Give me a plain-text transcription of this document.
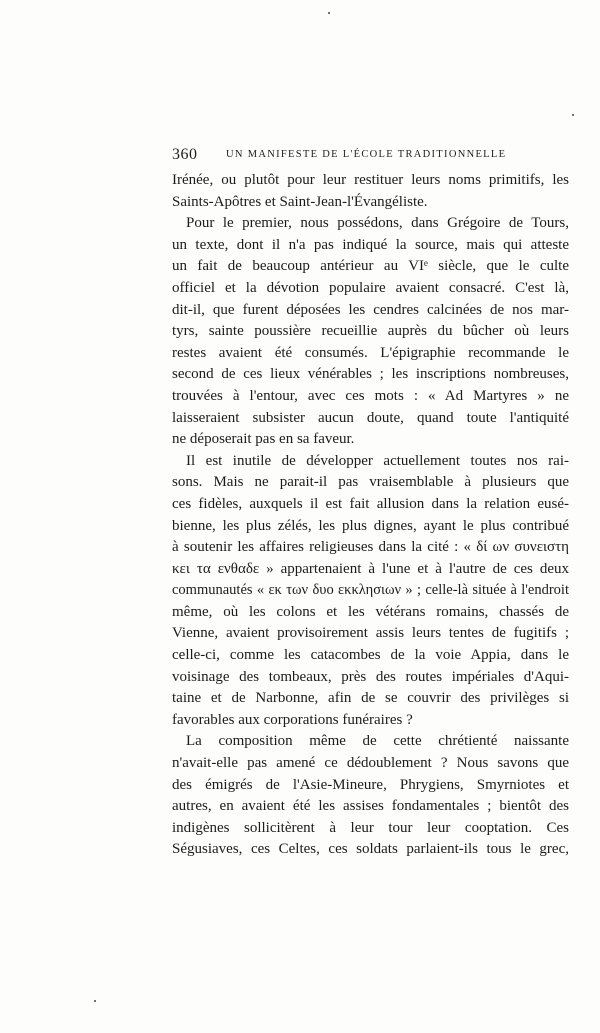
360	UN MANIFESTE DE L'ÉCOLE TRADITIONNELLE
Irénée, ou plutôt pour leur restituer leurs noms primitifs, les
Saints-Apôtres et Saint-Jean-l'Évangéliste.
Pour le premier, nous possédons, dans Grégoire de Tours,
un texte, dont il n'a pas indiqué la source, mais qui atteste
un fait de beaucoup antérieur au VIᵉ siècle, que le culte
officiel et la dévotion populaire avaient consacré. C'est là,
dit-il, que furent déposées les cendres calcinées de nos mar-
tyrs, sainte poussière recueillie auprès du bûcher où leurs
restes avaient été consumés. L'épigraphie recommande le
second de ces lieux vénérables ; les inscriptions nombreuses,
trouvées à l'entour, avec ces mots : « Ad Martyres » ne
laisseraient subsister aucun doute, quand toute l'antiquité
ne déposerait pas en sa faveur.
Il est inutile de développer actuellement toutes nos rai-
sons. Mais ne parait-il pas vraisemblable à plusieurs que
ces fidèles, auxquels il est fait allusion dans la relation eusé-
bienne, les plus zélés, les plus dignes, ayant le plus contribué
à soutenir les affaires religieuses dans la cité : « δί ων συνειστη
κει τα ενθαδε » appartenaient à l'une et à l'autre de ces deux
communautés « εκ των δυο εκκλησιων » ; celle-là située à l'endroit
même, où les colons et les vétérans romains, chassés de
Vienne, avaient provisoirement assis leurs tentes de fugitifs ;
celle-ci, comme les catacombes de la voie Appia, dans le
voisinage des tombeaux, près des routes impériales d'Aqui-
taine et de Narbonne, afin de se couvrir des privilèges si
favorables aux corporations funéraires ?
La composition même de cette chrétienté naissante
n'avait-elle pas amené ce dédoublement ? Nous savons que
des émigrés de l'Asie-Mineure, Phrygiens, Smyrniotes et
autres, en avaient été les assises fondamentales ; bientôt des
indigènes sollicitèrent à leur tour leur cooptation. Ces
Ségusiaves, ces Celtes, ces soldats parlaient-ils tous le grec,
